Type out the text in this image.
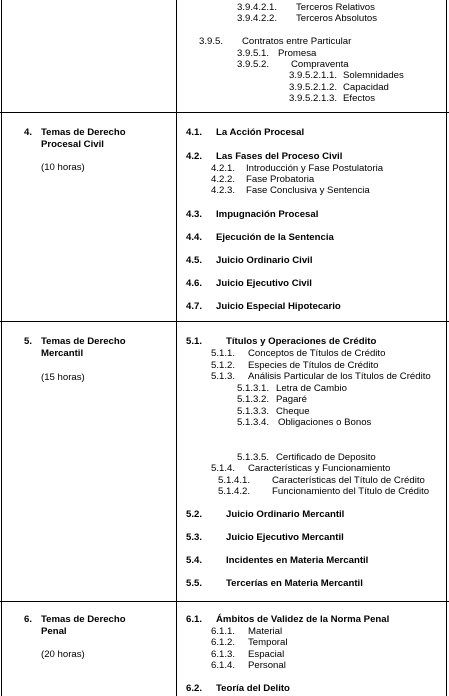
3.9.4.2.1. Terceros Relativos
3.9.4.2.2. Terceros Absolutos
3.9.5. Contratos entre Particular
3.9.5.1. Promesa
3.9.5.2. Compraventa
3.9.5.2.1.1. Solemnidades
3.9.5.2.1.2. Capacidad
3.9.5.2.1.3. Efectos
4. Temas de Derecho
Procesal Civil
(10 horas)
4.1. La Acción Procesal
4.2. Las Fases del Proceso Civil
4.2.1. Introducción y Fase Postulatoria
4.2.2. Fase Probatoria
4.2.3. Fase Conclusiva y Sentencia
4.3. Impugnación Procesal
4.4. Ejecución de la Sentencia
4.5. Juicio Ordinario Civil
4.6. Juicio Ejecutivo Civil
4.7. Juicio Especial Hipotecario
5. Temas de Derecho
Mercantil
(15 horas)
5.1. Títulos y Operaciones de Crédito
5.1.1. Conceptos de Títulos de Crédito
5.1.2. Especies de Títulos de Crédito
5.1.3. Análisis Particular de los Títulos de Crédito
5.1.3.1. Letra de Cambio
5.1.3.2. Pagaré
5.1.3.3. Cheque
5.1.3.4. Obligaciones o Bonos
5.1.3.5. Certificado de Deposito
5.1.4. Características y Funcionamiento
5.1.4.1. Características del Título de Crédito
5.1.4.2. Funcionamiento del Título de Crédito
5.2. Juicio Ordinario Mercantil
5.3. Juicio Ejecutivo Mercantil
5.4. Incidentes en Materia Mercantil
5.5. Tercerías en Materia Mercantil
6. Temas de Derecho
Penal
(20 horas)
6.1. Ámbitos de Validez de la Norma Penal
6.1.1. Material
6.1.2. Temporal
6.1.3. Espacial
6.1.4. Personal
6.2. Teoría del Delito
